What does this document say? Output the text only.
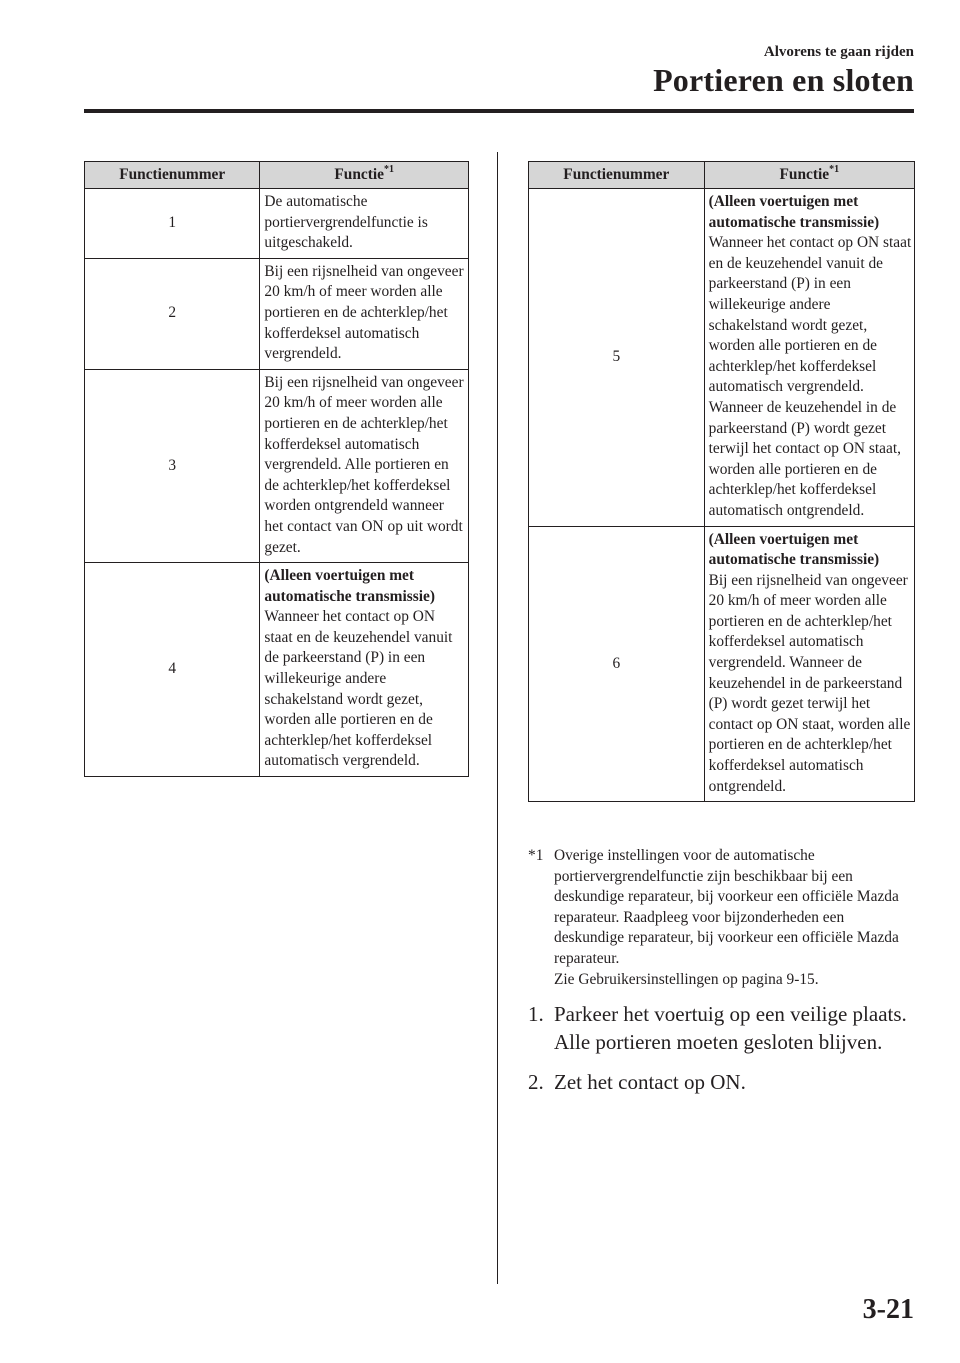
Alvorens te gaan rijden
Portieren en sloten
Functienummer	Functie$^{*1}$
1	De automatische portiervergrendelfunctie is uitgeschakeld.

2	Bij een rijsnelheid van ongeveer 20 km/h of meer worden alle portieren en de achterklep/het kofferdeksel automatisch vergrendeld.

3	Bij een rijsnelheid van ongeveer 20 km/h of meer worden alle portieren en de achterklep/het kofferdeksel automatisch vergrendeld. Alle portieren en de achterklep/het kofferdeksel worden ontgrendeld wanneer het contact van ON op uit wordt gezet.

4	(Alleen voertuigen met automatische transmissie)
Wanneer het contact op ON staat en de keuzehendel vanuit de parkeerstand (P) in een willekeurige andere schakelstand wordt gezet, worden alle portieren en de achterklep/het kofferdeksel automatisch vergrendeld.
Functienummer	Functie$^{*1}$
5	(Alleen voertuigen met automatische transmissie)
Wanneer het contact op ON staat en de keuzehendel vanuit de parkeerstand (P) in een willekeurige andere schakelstand wordt gezet, worden alle portieren en de achterklep/het kofferdeksel automatisch vergrendeld. Wanneer de keuzehendel in de parkeerstand (P) wordt gezet terwijl het contact op ON staat, worden alle portieren en de achterklep/het kofferdeksel automatisch ontgrendeld.

6	(Alleen voertuigen met automatische transmissie)
Bij een rijsnelheid van ongeveer 20 km/h of meer worden alle portieren en de achterklep/het kofferdeksel automatisch vergrendeld. Wanneer de keuzehendel in de parkeerstand (P) wordt gezet terwijl het contact op ON staat, worden alle portieren en de achterklep/het kofferdeksel automatisch ontgrendeld.
*1 Overige instellingen voor de automatische portiervergrendelfunctie zijn beschikbaar bij een deskundige reparateur, bij voorkeur een officiële Mazda reparateur. Raadpleeg voor bijzonderheden een deskundige reparateur, bij voorkeur een officiële Mazda reparateur.
Zie Gebruikersinstellingen op pagina 9-15.
1. Parkeer het voertuig op een veilige plaats. Alle portieren moeten gesloten blijven.
2. Zet het contact op ON.
3-21
